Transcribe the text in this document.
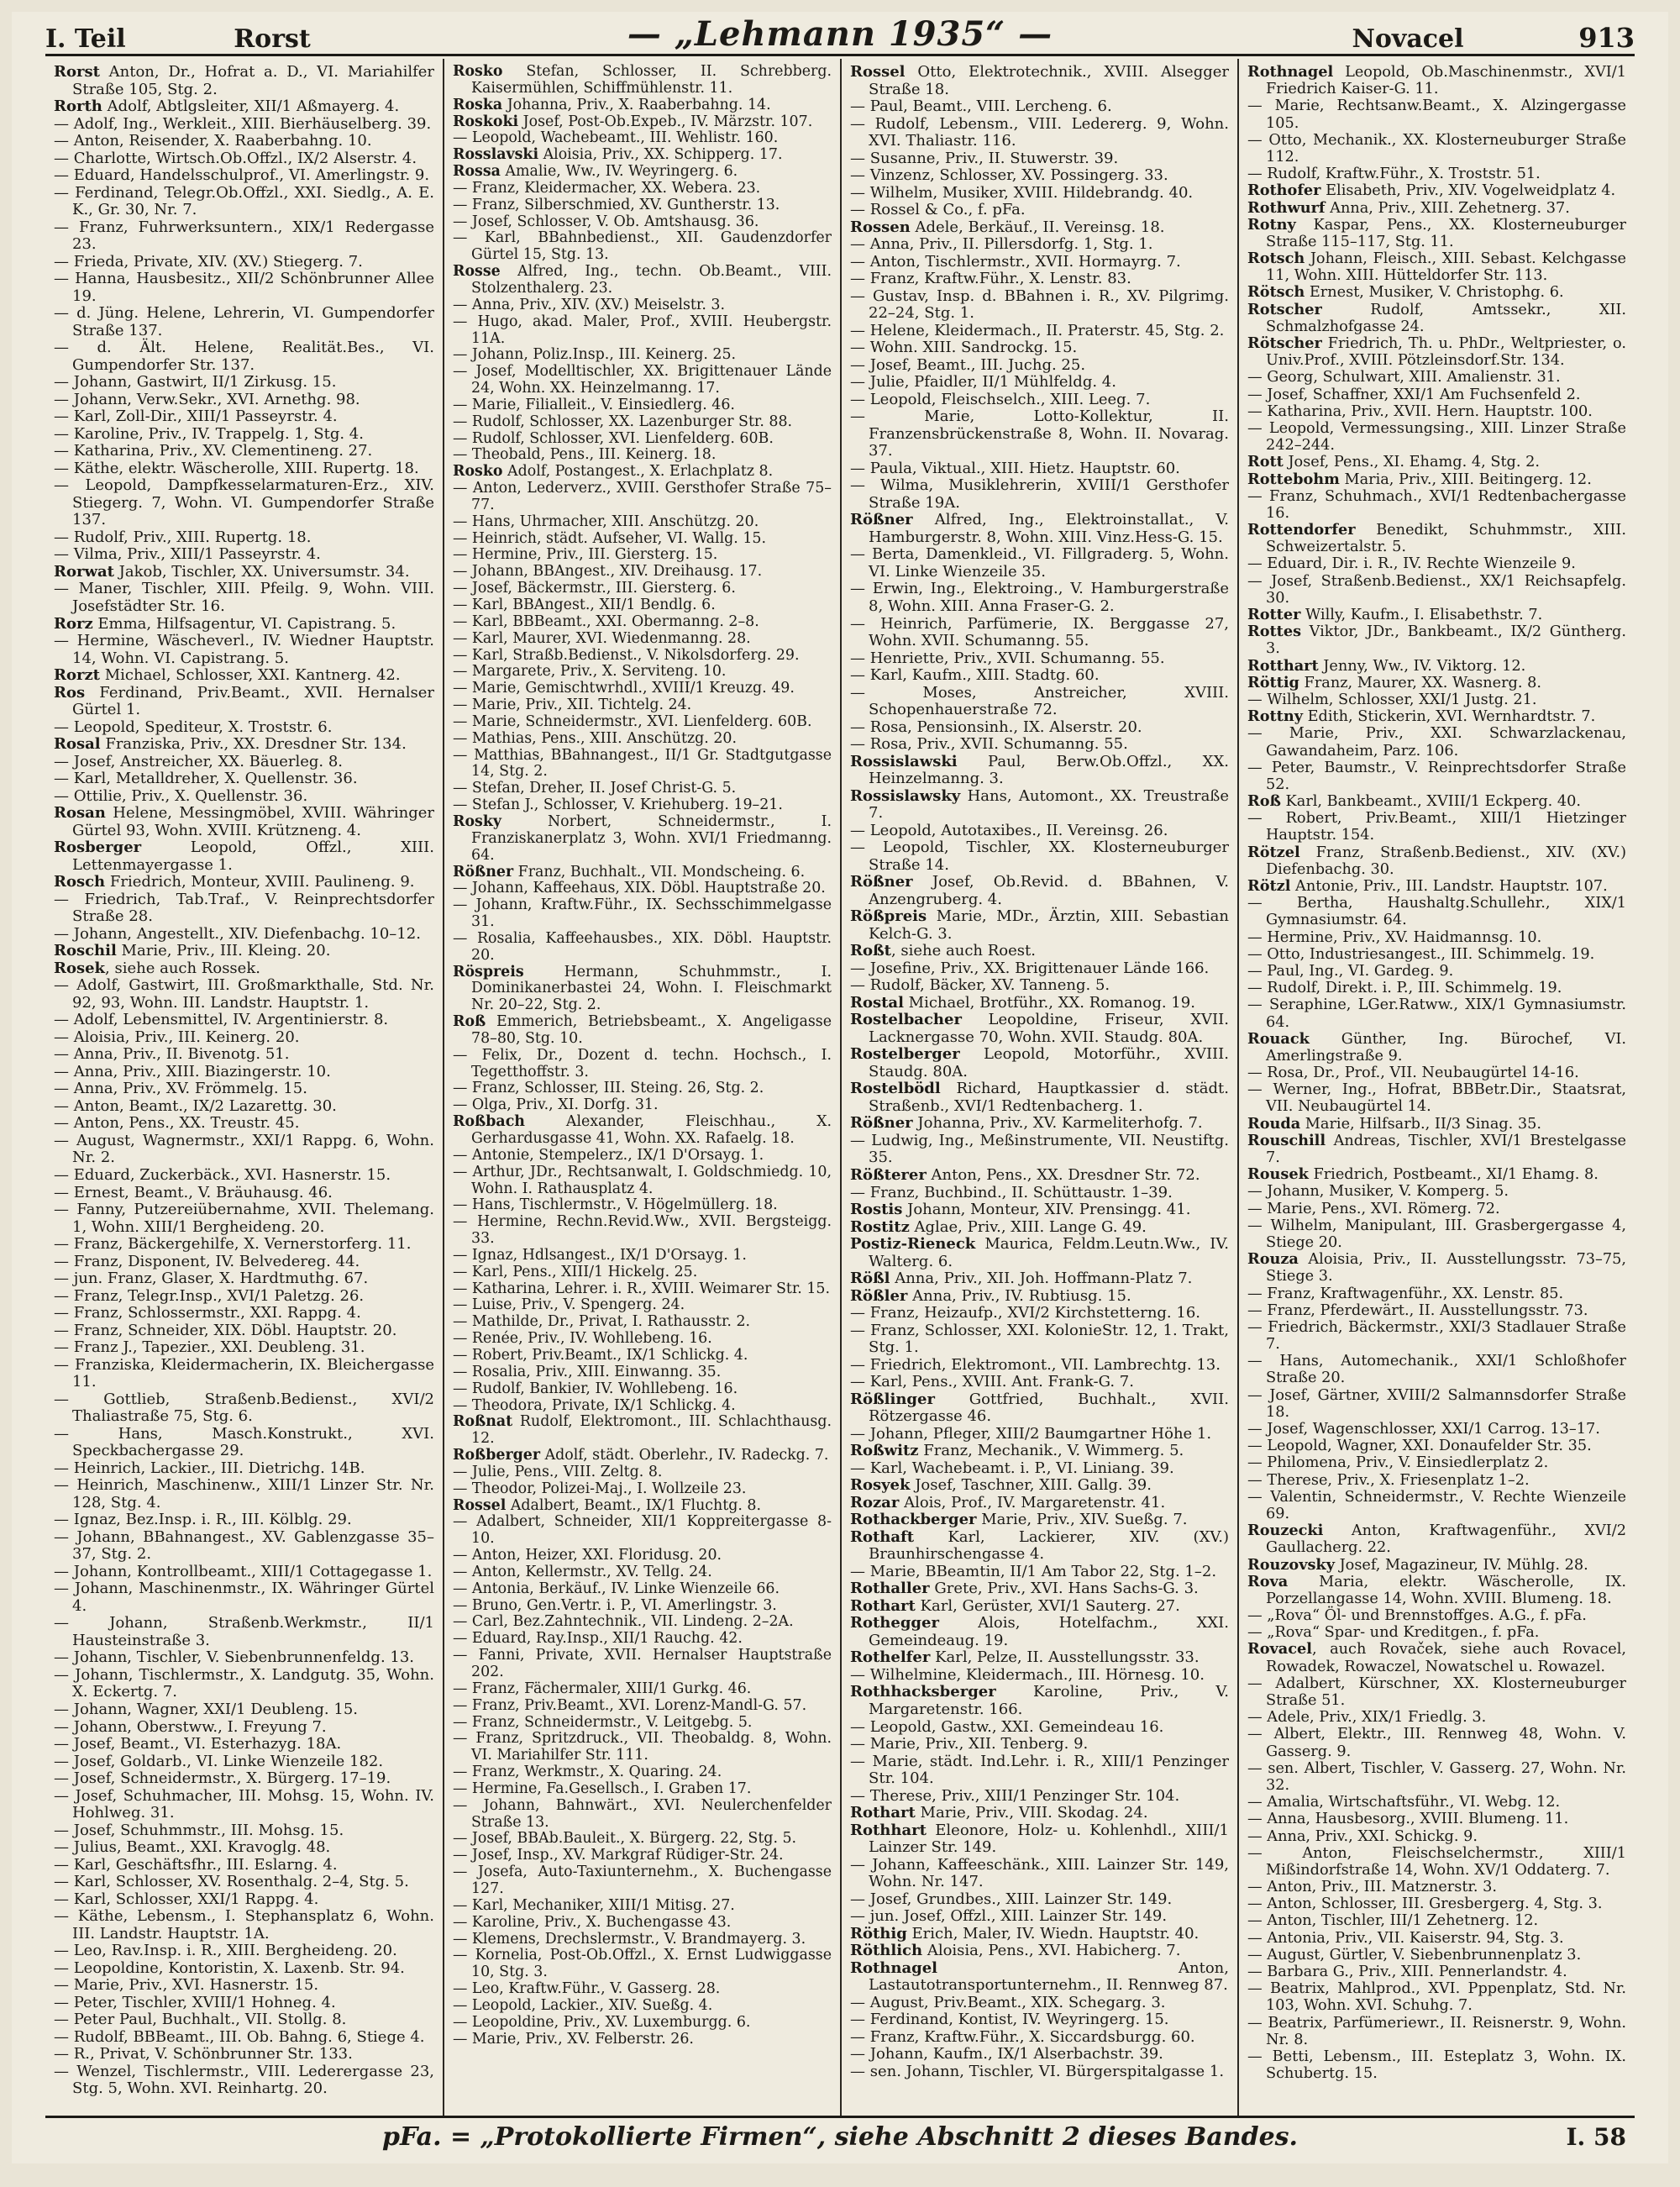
I. Teil	Rorst	— „Lehmann 1935“ —	Novacel	913

Rorst Anton, Dr., Hofrat a. D., VI. Mariahilfer Straße 105, Stg. 2.

Rorth Adolf, Abtlgsleiter, XII/1 Aßmayerg. 4.

— Adolf, Ing., Werkleit., XIII. Bierhäuselberg. 39.

— Anton, Reisender, X. Raaberbahng. 10.

— Charlotte, Wirtsch.Ob.Offzl., IX/2 Alserstr. 4.

— Eduard, Handelsschulprof., VI. Amerlingstr. 9.

— Ferdinand, Telegr.Ob.Offzl., XXI. Siedlg., A. E. K., Gr. 30, Nr. 7.

— Franz, Fuhrwerksuntern., XIX/1 Redergasse 23.

— Frieda, Private, XIV. (XV.) Stiegerg. 7.

— Hanna, Hausbesitz., XII/2 Schönbrunner Allee 19.

— d. Jüng. Helene, Lehrerin, VI. Gumpendorfer Straße 137.

— d. Ält. Helene, Realität.Bes., VI. Gumpendorfer Str. 137.

— Johann, Gastwirt, II/1 Zirkusg. 15.

— Johann, Verw.Sekr., XVI. Arnethg. 98.

— Karl, Zoll-Dir., XIII/1 Passeyrstr. 4.

— Karoline, Priv., IV. Trappelg. 1, Stg. 4.

— Katharina, Priv., XV. Clementineng. 27.

— Käthe, elektr. Wäscherolle, XIII. Rupertg. 18.

— Leopold, Dampfkesselarmaturen-Erz., XIV. Stiegerg. 7, Wohn. VI. Gumpendorfer Straße 137.

— Rudolf, Priv., XIII. Rupertg. 18.

— Vilma, Priv., XIII/1 Passeyrstr. 4.

Rorwat Jakob, Tischler, XX. Universumstr. 34.

— Maner, Tischler, XIII. Pfeilg. 9, Wohn. VIII. Josefstädter Str. 16.

Rorz Emma, Hilfsagentur, VI. Capistrang. 5.

— Hermine, Wäscheverl., IV. Wiedner Hauptstr. 14, Wohn. VI. Capistrang. 5.

Rorzt Michael, Schlosser, XXI. Kantnerg. 42.

Ros Ferdinand, Priv.Beamt., XVII. Hernalser Gürtel 1.

— Leopold, Spediteur, X. Troststr. 6.

Rosal Franziska, Priv., XX. Dresdner Str. 134.

— Josef, Anstreicher, XX. Bäuerleg. 8.

— Karl, Metalldreher, X. Quellenstr. 36.

— Ottilie, Priv., X. Quellenstr. 36.

Rosan Helene, Messingmöbel, XVIII. Währinger Gürtel 93, Wohn. XVIII. Krützneng. 4.

Rosberger Leopold, Offzl., XIII. Lettenmayergasse 1.

Rosch Friedrich, Monteur, XVIII. Paulineng. 9.

— Friedrich, Tab.Traf., V. Reinprechtsdorfer Straße 28.

— Johann, Angestellt., XIV. Diefenbachg. 10–12.

Roschil Marie, Priv., III. Kleing. 20.

Rosek, siehe auch Rossek.

— Adolf, Gastwirt, III. Großmarkthalle, Std. Nr. 92, 93, Wohn. III. Landstr. Hauptstr. 1.

— Adolf, Lebensmittel, IV. Argentinierstr. 8.

— Aloisia, Priv., III. Keinerg. 20.

— Anna, Priv., II. Bivenotg. 51.

— Anna, Priv., XIII. Biazingerstr. 10.

— Anna, Priv., XV. Frömmelg. 15.

— Anton, Beamt., IX/2 Lazarettg. 30.

— Anton, Pens., XX. Treustr. 45.

— August, Wagnermstr., XXI/1 Rappg. 6, Wohn. Nr. 2.

— Eduard, Zuckerbäck., XVI. Hasnerstr. 15.

— Ernest, Beamt., V. Bräuhausg. 46.

— Fanny, Putzereiübernahme, XVII. Thelemang. 1, Wohn. XIII/1 Bergheideng. 20.

— Franz, Bäckergehilfe, X. Vernerstorferg. 11.

— Franz, Disponent, IV. Belvedereg. 44.

— jun. Franz, Glaser, X. Hardtmuthg. 67.

— Franz, Telegr.Insp., XVI/1 Paletzg. 26.

— Franz, Schlossermstr., XXI. Rappg. 4.

— Franz, Schneider, XIX. Döbl. Hauptstr. 20.

— Franz J., Tapezier., XXI. Deubleng. 31.

— Franziska, Kleidermacherin, IX. Bleichergasse 11.

— Gottlieb, Straßenb.Bedienst., XVI/2 Thaliastraße 75, Stg. 6.

— Hans, Masch.Konstrukt., XVI. Speckbachergasse 29.

— Heinrich, Lackier., III. Dietrichg. 14B.

— Heinrich, Maschinenw., XIII/1 Linzer Str. Nr. 128, Stg. 4.

— Ignaz, Bez.Insp. i. R., III. Kölblg. 29.

— Johann, BBahnangest., XV. Gablenzgasse 35–37, Stg. 2.

— Johann, Kontrollbeamt., XIII/1 Cottagegasse 1.

— Johann, Maschinenmstr., IX. Währinger Gürtel 4.

— Johann, Straßenb.Werkmstr., II/1 Hausteinstraße 3.

— Johann, Tischler, V. Siebenbrunnenfeldg. 13.

— Johann, Tischlermstr., X. Landgutg. 35, Wohn. X. Eckertg. 7.

— Johann, Wagner, XXI/1 Deubleng. 15.

— Johann, Oberstww., I. Freyung 7.

— Josef, Beamt., VI. Esterhazyg. 18A.

— Josef, Goldarb., VI. Linke Wienzeile 182.

— Josef, Schneidermstr., X. Bürgerg. 17–19.

— Josef, Schuhmacher, III. Mohsg. 15, Wohn. IV. Hohlweg. 31.

— Josef, Schuhmmstr., III. Mohsg. 15.

— Julius, Beamt., XXI. Kravoglg. 48.

— Karl, Geschäftsfhr., III. Eslarng. 4.

— Karl, Schlosser, XV. Rosenthalg. 2–4, Stg. 5.

— Karl, Schlosser, XXI/1 Rappg. 4.

— Käthe, Lebensm., I. Stephansplatz 6, Wohn. III. Landstr. Hauptstr. 1A.

— Leo, Rav.Insp. i. R., XIII. Bergheideng. 20.

— Leopoldine, Kontoristin, X. Laxenb. Str. 94.

— Marie, Priv., XVI. Hasnerstr. 15.

— Peter, Tischler, XVIII/1 Hohneg. 4.

— Peter Paul, Buchhalt., VII. Stollg. 8.

— Rudolf, BBBeamt., III. Ob. Bahng. 6, Stiege 4.

— R., Privat, V. Schönbrunner Str. 133.

— Wenzel, Tischlermstr., VIII. Lederergasse 23, Stg. 5, Wohn. XVI. Reinhartg. 20.

Rosko Stefan, Schlosser, II. Schrebberg. Kaisermühlen, Schiffmühlenstr. 11.

Roska Johanna, Priv., X. Raaberbahng. 14.

Roskoki Josef, Post-Ob.Expeb., IV. Märzstr. 107.

— Leopold, Wachebeamt., III. Wehlistr. 160.

Rosslavski Aloisia, Priv., XX. Schipperg. 17.

Rossa Amalie, Ww., IV. Weyringerg. 6.

— Franz, Kleidermacher, XX. Webera. 23.

— Franz, Silberschmied, XV. Guntherstr. 13.

— Josef, Schlosser, V. Ob. Amtshausg. 36.

— Karl, BBahnbedienst., XII. Gaudenzdorfer Gürtel 15, Stg. 13.

Rosse Alfred, Ing., techn. Ob.Beamt., VIII. Stolzenthalerg. 23.

— Anna, Priv., XIV. (XV.) Meiselstr. 3.

— Hugo, akad. Maler, Prof., XVIII. Heubergstr. 11A.

— Johann, Poliz.Insp., III. Keinerg. 25.

— Josef, Modelltischler, XX. Brigittenauer Lände 24, Wohn. XX. Heinzelmanng. 17.

— Marie, Filialleit., V. Einsiedlerg. 46.

— Rudolf, Schlosser, XX. Lazenburger Str. 88.

— Rudolf, Schlosser, XVI. Lienfelderg. 60B.

— Theobald, Pens., III. Keinerg. 18.

Rosko Adolf, Postangest., X. Erlachplatz 8.

— Anton, Lederverz., XVIII. Gersthofer Straße 75–77.

— Hans, Uhrmacher, XIII. Anschützg. 20.

— Heinrich, städt. Aufseher, VI. Wallg. 15.

— Hermine, Priv., III. Giersterg. 15.

— Johann, BBAngest., XIV. Dreihausg. 17.

— Josef, Bäckermstr., III. Giersterg. 6.

— Karl, BBAngest., XII/1 Bendlg. 6.

— Karl, BBBeamt., XXI. Obermanng. 2–8.

— Karl, Maurer, XVI. Wiedenmanng. 28.

— Karl, Straßb.Bedienst., V. Nikolsdorferg. 29.

— Margarete, Priv., X. Serviteng. 10.

— Marie, Gemischtwrhdl., XVIII/1 Kreuzg. 49.

— Marie, Priv., XII. Tichtelg. 24.

— Marie, Schneidermstr., XVI. Lienfelderg. 60B.

— Mathias, Pens., XIII. Anschützg. 20.

— Matthias, BBahnangest., II/1 Gr. Stadtgutgasse 14, Stg. 2.

— Stefan, Dreher, II. Josef Christ-G. 5.

— Stefan J., Schlosser, V. Kriehuberg. 19–21.

Rosky Norbert, Schneidermstr., I. Franziskanerplatz 3, Wohn. XVI/1 Friedmanng. 64.

Rößner Franz, Buchhalt., VII. Mondscheing. 6.

— Johann, Kaffeehaus, XIX. Döbl. Hauptstraße 20.

— Johann, Kraftw.Führ., IX. Sechsschimmelgasse 31.

— Rosalia, Kaffeehausbes., XIX. Döbl. Hauptstr. 20.

Röspreis Hermann, Schuhmmstr., I. Dominikanerbastei 24, Wohn. I. Fleischmarkt Nr. 20–22, Stg. 2.

Roß Emmerich, Betriebsbeamt., X. Angeligasse 78–80, Stg. 10.

— Felix, Dr., Dozent d. techn. Hochsch., I. Tegetthoffstr. 3.

— Franz, Schlosser, III. Steing. 26, Stg. 2.

— Olga, Priv., XI. Dorfg. 31.

Roßbach Alexander, Fleischhau., X. Gerhardusgasse 41, Wohn. XX. Rafaelg. 18.

— Antonie, Stempelerz., IX/1 D'Orsayg. 1.

— Arthur, JDr., Rechtsanwalt, I. Goldschmiedg. 10, Wohn. I. Rathausplatz 4.

— Hans, Tischlermstr., V. Högelmüllerg. 18.

— Hermine, Rechn.Revid.Ww., XVII. Bergsteigg. 33.

— Ignaz, Hdlsangest., IX/1 D'Orsayg. 1.

— Karl, Pens., XIII/1 Hickelg. 25.

— Katharina, Lehrer. i. R., XVIII. Weimarer Str. 15.

— Luise, Priv., V. Spengerg. 24.

— Mathilde, Dr., Privat, I. Rathausstr. 2.

— Renée, Priv., IV. Wohllebeng. 16.

— Robert, Priv.Beamt., IX/1 Schlickg. 4.

— Rosalia, Priv., XIII. Einwanng. 35.

— Rudolf, Bankier, IV. Wohllebeng. 16.

— Theodora, Private, IX/1 Schlickg. 4.

Roßnat Rudolf, Elektromont., III. Schlachthausg. 12.

Roßberger Adolf, städt. Oberlehr., IV. Radeckg. 7.

— Julie, Pens., VIII. Zeltg. 8.

— Theodor, Polizei-Maj., I. Wollzeile 23.

Rossel Adalbert, Beamt., IX/1 Fluchtg. 8.

— Adalbert, Schneider, XII/1 Koppreitergasse 8-10.

— Anton, Heizer, XXI. Floridusg. 20.

— Anton, Kellermstr., XV. Tellg. 24.

— Antonia, Berkäuf., IV. Linke Wienzeile 66.

— Bruno, Gen.Vertr. i. P., VI. Amerlingstr. 3.

— Carl, Bez.Zahntechnik., VII. Lindeng. 2–2A.

— Eduard, Ray.Insp., XII/1 Rauchg. 42.

— Fanni, Private, XVII. Hernalser Hauptstraße 202.

— Franz, Fächermaler, XIII/1 Gurkg. 46.

— Franz, Priv.Beamt., XVI. Lorenz-Mandl-G. 57.

— Franz, Schneidermstr., V. Leitgebg. 5.

— Franz, Spritzdruck., VII. Theobaldg. 8, Wohn. VI. Mariahilfer Str. 111.

— Franz, Werkmstr., X. Quaring. 24.

— Hermine, Fa.Gesellsch., I. Graben 17.

— Johann, Bahnwärt., XVI. Neulerchenfelder Straße 13.

— Josef, BBAb.Bauleit., X. Bürgerg. 22, Stg. 5.

— Josef, Insp., XV. Markgraf Rüdiger-Str. 24.

— Josefa, Auto-Taxiunternehm., X. Buchengasse 127.

— Karl, Mechaniker, XIII/1 Mitisg. 27.

— Karoline, Priv., X. Buchengasse 43.

— Klemens, Drechslermstr., V. Brandmayerg. 3.

— Kornelia, Post-Ob.Offzl., X. Ernst Ludwiggasse 10, Stg. 3.

— Leo, Kraftw.Führ., V. Gasserg. 28.

— Leopold, Lackier., XIV. Sueßg. 4.

— Leopoldine, Priv., XV. Luxemburgg. 6.

— Marie, Priv., XV. Felberstr. 26.

Rossel Otto, Elektrotechnik., XVIII. Alsegger Straße 18.

— Paul, Beamt., VIII. Lercheng. 6.

— Rudolf, Lebensm., VIII. Ledererg. 9, Wohn. XVI. Thaliastr. 116.

— Susanne, Priv., II. Stuwerstr. 39.

— Vinzenz, Schlosser, XV. Possingerg. 33.

— Wilhelm, Musiker, XVIII. Hildebrandg. 40.

— Rossel & Co., f. pFa.

Rossen Adele, Berkäuf., II. Vereinsg. 18.

— Anna, Priv., II. Pillersdorfg. 1, Stg. 1.

— Anton, Tischlermstr., XVII. Hormayrg. 7.

— Franz, Kraftw.Führ., X. Lenstr. 83.

— Gustav, Insp. d. BBahnen i. R., XV. Pilgrimg. 22–24, Stg. 1.

— Helene, Kleidermach., II. Praterstr. 45, Stg. 2.

— Wohn. XIII. Sandrockg. 15.

— Josef, Beamt., III. Juchg. 25.

— Julie, Pfaidler, II/1 Mühlfeldg. 4.

— Leopold, Fleischselch., XIII. Leeg. 7.

— Marie, Lotto-Kollektur, II. Franzensbrückenstraße 8, Wohn. II. Novarag. 37.

— Paula, Viktual., XIII. Hietz. Hauptstr. 60.

— Wilma, Musiklehrerin, XVIII/1 Gersthofer Straße 19A.

Rößner Alfred, Ing., Elektroinstallat., V. Hamburgerstr. 8, Wohn. XIII. Vinz.Hess-G. 15.

— Berta, Damenkleid., VI. Fillgraderg. 5, Wohn. VI. Linke Wienzeile 35.

— Erwin, Ing., Elektroing., V. Hamburgerstraße 8, Wohn. XIII. Anna Fraser-G. 2.

— Heinrich, Parfümerie, IX. Berggasse 27, Wohn. XVII. Schumanng. 55.

— Henriette, Priv., XVII. Schumanng. 55.

— Karl, Kaufm., XIII. Stadtg. 60.

— Moses, Anstreicher, XVIII. Schopenhauerstraße 72.

— Rosa, Pensionsinh., IX. Alserstr. 20.

— Rosa, Priv., XVII. Schumanng. 55.

Rossislawski Paul, Berw.Ob.Offzl., XX. Heinzelmanng. 3.

Rossislawsky Hans, Automont., XX. Treustraße 7.

— Leopold, Autotaxibes., II. Vereinsg. 26.

— Leopold, Tischler, XX. Klosterneuburger Straße 14.

Rößner Josef, Ob.Revid. d. BBahnen, V. Anzengruberg. 4.

Rößpreis Marie, MDr., Ärztin, XIII. Sebastian Kelch-G. 3.

Roßt, siehe auch Roest.

— Josefine, Priv., XX. Brigittenauer Lände 166.

— Rudolf, Bäcker, XV. Tanneng. 5.

Rostal Michael, Brotführ., XX. Romanog. 19.

Rostelbacher Leopoldine, Friseur, XVII. Lacknergasse 70, Wohn. XVII. Staudg. 80A.

Rostelberger Leopold, Motorführ., XVIII. Staudg. 80A.

Rostelbödl Richard, Hauptkassier d. städt. Straßenb., XVI/1 Redtenbacherg. 1.

Rößner Johanna, Priv., XV. Karmeliterhofg. 7.

— Ludwig, Ing., Meßinstrumente, VII. Neustiftg. 35.

Rößterer Anton, Pens., XX. Dresdner Str. 72.

— Franz, Buchbind., II. Schüttaustr. 1–39.

Rostis Johann, Monteur, XIV. Prensingg. 41.

Rostitz Aglae, Priv., XIII. Lange G. 49.

Postiz-Rieneck Maurica, Feldm.Leutn.Ww., IV. Walterg. 6.

Rößl Anna, Priv., XII. Joh. Hoffmann-Platz 7.

Rößler Anna, Priv., IV. Rubtiusg. 15.

— Franz, Heizaufp., XVI/2 Kirchstetterng. 16.

— Franz, Schlosser, XXI. KolonieStr. 12, 1. Trakt, Stg. 1.

— Friedrich, Elektromont., VII. Lambrechtg. 13.

— Karl, Pens., XVIII. Ant. Frank-G. 7.

Rößlinger Gottfried, Buchhalt., XVII. Rötzergasse 46.

— Johann, Pfleger, XIII/2 Baumgartner Höhe 1.

Roßwitz Franz, Mechanik., V. Wimmerg. 5.

— Karl, Wachebeamt. i. P., VI. Liniang. 39.

Rosyek Josef, Taschner, XIII. Gallg. 39.

Rozar Alois, Prof., IV. Margaretenstr. 41.

Rothackberger Marie, Priv., XIV. Sueßg. 7.

Rothaft Karl, Lackierer, XIV. (XV.) Braunhirschengasse 4.

— Marie, BBeamtin, II/1 Am Tabor 22, Stg. 1–2.

Rothaller Grete, Priv., XVI. Hans Sachs-G. 3.

Rothart Karl, Gerüster, XVI/1 Sauterg. 27.

Rothegger Alois, Hotelfachm., XXI. Gemeindeaug. 19.

Rothelfer Karl, Pelze, II. Ausstellungsstr. 33.

— Wilhelmine, Kleidermach., III. Hörnesg. 10.

Rothhacksberger Karoline, Priv., V. Margaretenstr. 166.

— Leopold, Gastw., XXI. Gemeindeau 16.

— Marie, Priv., XII. Tenberg. 9.

— Marie, städt. Ind.Lehr. i. R., XIII/1 Penzinger Str. 104.

— Therese, Priv., XIII/1 Penzinger Str. 104.

Rothart Marie, Priv., VIII. Skodag. 24.

Rothhart Eleonore, Holz- u. Kohlenhdl., XIII/1 Lainzer Str. 149.

— Johann, Kaffeeschänk., XIII. Lainzer Str. 149, Wohn. Nr. 147.

— Josef, Grundbes., XIII. Lainzer Str. 149.

— jun. Josef, Offzl., XIII. Lainzer Str. 149.

Röthig Erich, Maler, IV. Wiedn. Hauptstr. 40.

Röthlich Aloisia, Pens., XVI. Habicherg. 7.

Rothnagel Anton, Lastautotransportunternehm., II. Rennweg 87.

— August, Priv.Beamt., XIX. Schegarg. 3.

— Ferdinand, Kontist, IV. Weyringerg. 15.

— Franz, Kraftw.Führ., X. Siccardsburgg. 60.

— Johann, Kaufm., IX/1 Alserbachstr. 39.

— sen. Johann, Tischler, VI. Bürgerspitalgasse 1.

Rothnagel Leopold, Ob.Maschinenmstr., XVI/1 Friedrich Kaiser-G. 11.

— Marie, Rechtsanw.Beamt., X. Alzingergasse 105.

— Otto, Mechanik., XX. Klosterneuburger Straße 112.

— Rudolf, Kraftw.Führ., X. Troststr. 51.

Rothofer Elisabeth, Priv., XIV. Vogelweidplatz 4.

Rothwurf Anna, Priv., XIII. Zehetnerg. 37.

Rotny Kaspar, Pens., XX. Klosterneuburger Straße 115–117, Stg. 11.

Rotsch Johann, Fleisch., XIII. Sebast. Kelchgasse 11, Wohn. XIII. Hütteldorfer Str. 113.

Rötsch Ernest, Musiker, V. Christophg. 6.

Rotscher Rudolf, Amtssekr., XII. Schmalzhofgasse 24.

Rötscher Friedrich, Th. u. PhDr., Weltpriester, o. Univ.Prof., XVIII. Pötzleinsdorf.Str. 134.

— Georg, Schulwart, XIII. Amalienstr. 31.

— Josef, Schaffner, XXI/1 Am Fuchsenfeld 2.

— Katharina, Priv., XVII. Hern. Hauptstr. 100.

— Leopold, Vermessungsing., XIII. Linzer Straße 242–244.

Rott Josef, Pens., XI. Ehamg. 4, Stg. 2.

Rottebohm Maria, Priv., XIII. Beitingerg. 12.

— Franz, Schuhmach., XVI/1 Redtenbachergasse 16.

Rottendorfer Benedikt, Schuhmmstr., XIII. Schweizertalstr. 5.

— Eduard, Dir. i. R., IV. Rechte Wienzeile 9.

— Josef, Straßenb.Bedienst., XX/1 Reichsapfelg. 30.

Rotter Willy, Kaufm., I. Elisabethstr. 7.

Rottes Viktor, JDr., Bankbeamt., IX/2 Güntherg. 3.

Rotthart Jenny, Ww., IV. Viktorg. 12.

Röttig Franz, Maurer, XX. Wasnerg. 8.

— Wilhelm, Schlosser, XXI/1 Justg. 21.

Rottny Edith, Stickerin, XVI. Wernhardtstr. 7.

— Marie, Priv., XXI. Schwarzlackenau, Gawandaheim, Parz. 106.

— Peter, Baumstr., V. Reinprechtsdorfer Straße 52.

Roß Karl, Bankbeamt., XVIII/1 Eckperg. 40.

— Robert, Priv.Beamt., XIII/1 Hietzinger Hauptstr. 154.

Rötzel Franz, Straßenb.Bedienst., XIV. (XV.) Diefenbachg. 30.

Rötzl Antonie, Priv., III. Landstr. Hauptstr. 107.

— Bertha, Haushaltg.Schullehr., XIX/1 Gymnasiumstr. 64.

— Hermine, Priv., XV. Haidmannsg. 10.

— Otto, Industriesangest., III. Schimmelg. 19.

— Paul, Ing., VI. Gardeg. 9.

— Rudolf, Direkt. i. P., III. Schimmelg. 19.

— Seraphine, LGer.Ratww., XIX/1 Gymnasiumstr. 64.

Rouack Günther, Ing. Bürochef, VI. Amerlingstraße 9.

— Rosa, Dr., Prof., VII. Neubaugürtel 14-16.

— Werner, Ing., Hofrat, BBBetr.Dir., Staatsrat, VII. Neubaugürtel 14.

Rouda Marie, Hilfsarb., II/3 Sinag. 35.

Rouschill Andreas, Tischler, XVI/1 Brestelgasse 7.

Rousek Friedrich, Postbeamt., XI/1 Ehamg. 8.

— Johann, Musiker, V. Komperg. 5.

— Marie, Pens., XVI. Römerg. 72.

— Wilhelm, Manipulant, III. Grasbergergasse 4, Stiege 20.

Rouza Aloisia, Priv., II. Ausstellungsstr. 73–75, Stiege 3.

— Franz, Kraftwagenführ., XX. Lenstr. 85.

— Franz, Pferdewärt., II. Ausstellungsstr. 73.

— Friedrich, Bäckermstr., XXI/3 Stadlauer Straße 7.

— Hans, Automechanik., XXI/1 Schloßhofer Straße 20.

— Josef, Gärtner, XVIII/2 Salmannsdorfer Straße 18.

— Josef, Wagenschlosser, XXI/1 Carrog. 13–17.

— Leopold, Wagner, XXI. Donaufelder Str. 35.

— Philomena, Priv., V. Einsiedlerplatz 2.

— Therese, Priv., X. Friesenplatz 1–2.

— Valentin, Schneidermstr., V. Rechte Wienzeile 69.

Rouzecki Anton, Kraftwagenführ., XVI/2 Gaullacherg. 22.

Rouzovsky Josef, Magazineur, IV. Mühlg. 28.

Rova Maria, elektr. Wäscherolle, IX. Porzellangasse 14, Wohn. XVIII. Blumeng. 18.

— „Rova“ Öl- und Brennstoffges. A.G., f. pFa.

— „Rova“ Spar- und Kreditgen., f. pFa.

Rovacel, auch Rovaček, siehe auch Rovacel, Rowadek, Rowaczel, Nowatschel u. Rowazel.

— Adalbert, Kürschner, XX. Klosterneuburger Straße 51.

— Adele, Priv., XIX/1 Friedlg. 3.

— Albert, Elektr., III. Rennweg 48, Wohn. V. Gasserg. 9.

— sen. Albert, Tischler, V. Gasserg. 27, Wohn. Nr. 32.

— Amalia, Wirtschaftsführ., VI. Webg. 12.

— Anna, Hausbesorg., XVIII. Blumeng. 11.

— Anna, Priv., XXI. Schickg. 9.

— Anton, Fleischselchermstr., XIII/1 Mißindorfstraße 14, Wohn. XV/1 Oddaterg. 7.

— Anton, Priv., III. Matznerstr. 3.

— Anton, Schlosser, III. Gresbergerg. 4, Stg. 3.

— Anton, Tischler, III/1 Zehetnerg. 12.

— Antonia, Priv., VII. Kaiserstr. 94, Stg. 3.

— August, Gürtler, V. Siebenbrunnenplatz 3.

— Barbara G., Priv., XIII. Pennerlandstr. 4.

— Beatrix, Mahlprod., XVI. Pppenplatz, Std. Nr. 103, Wohn. XVI. Schuhg. 7.

— Beatrix, Parfümeriewr., II. Reisnerstr. 9, Wohn. Nr. 8.

— Betti, Lebensm., III. Esteplatz 3, Wohn. IX. Schubertg. 15.

pFa. = „Protokollierte Firmen“, siehe Abschnitt 2 dieses Bandes.	I. 58
